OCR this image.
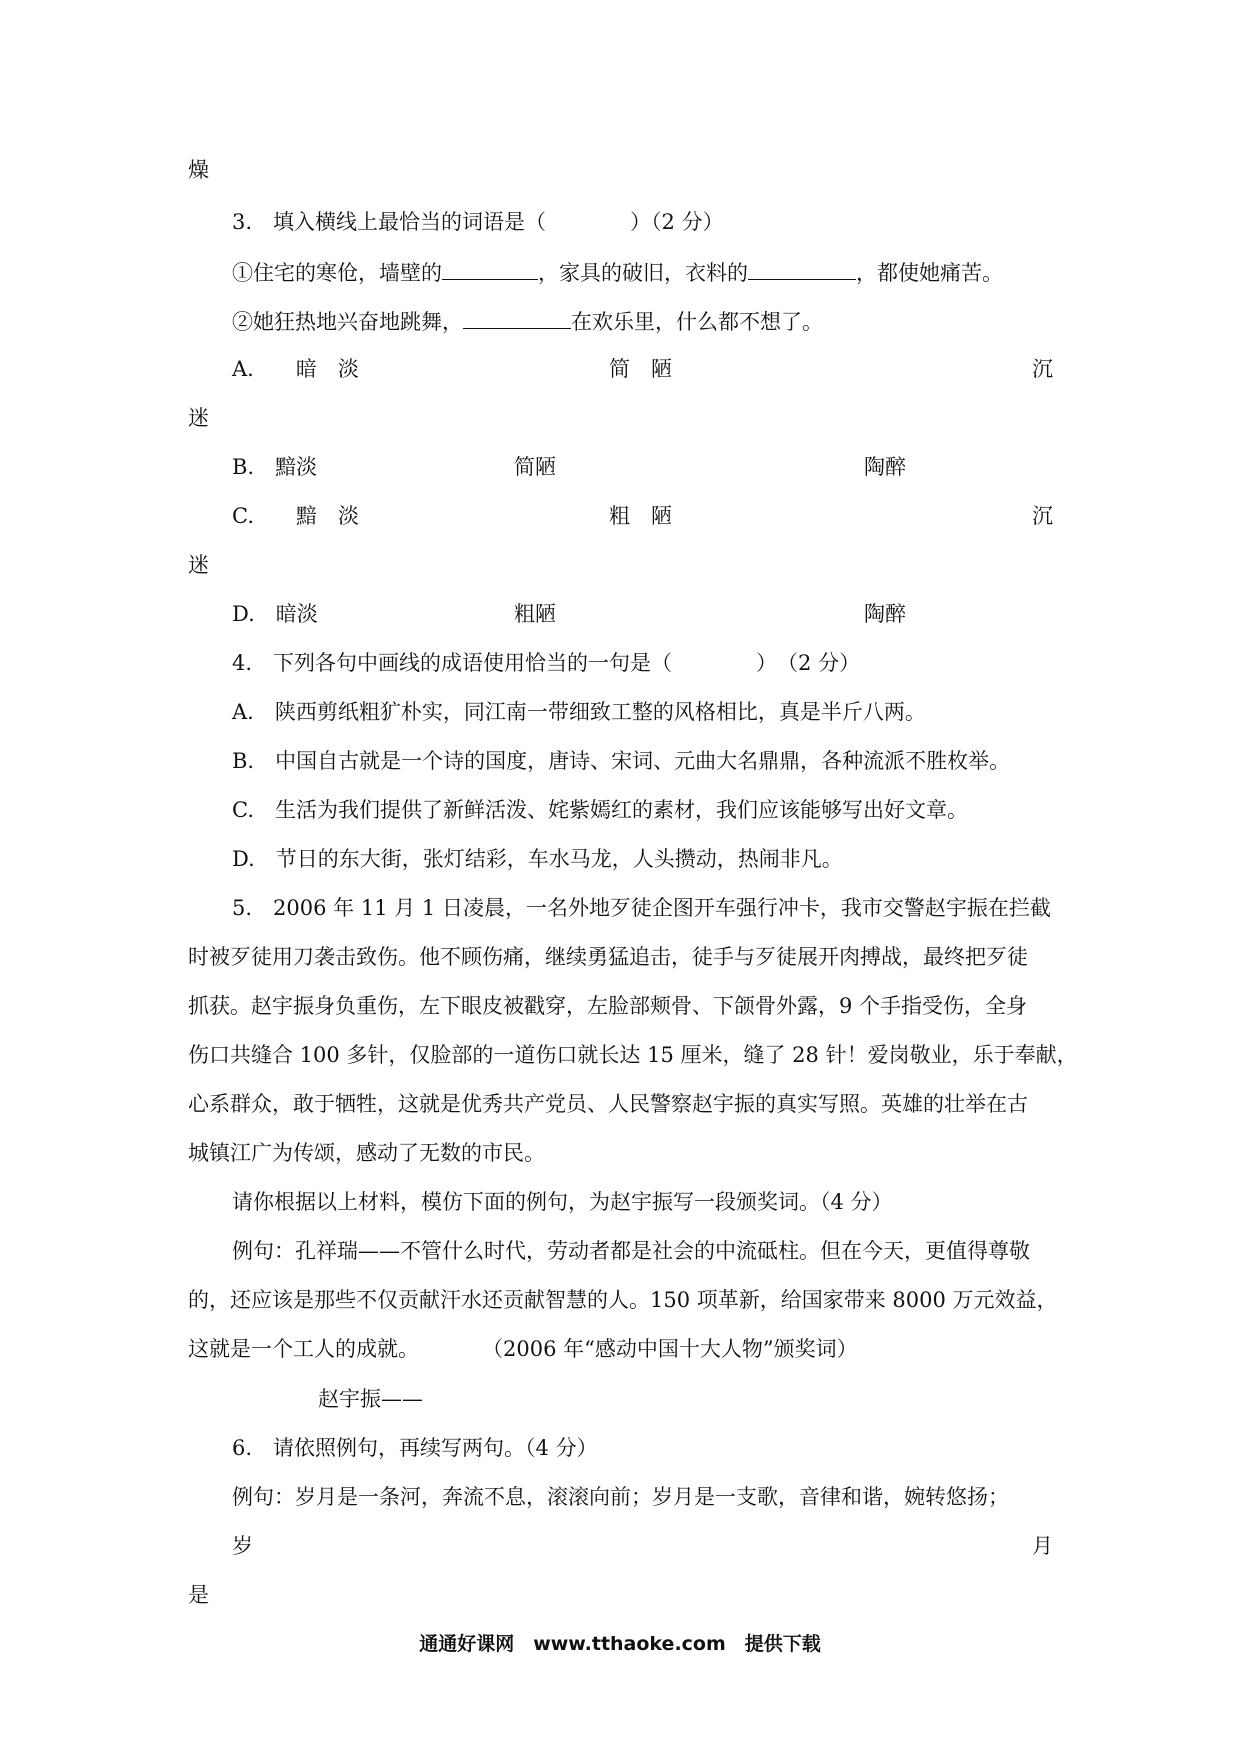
燥
3.　填入横线上最恰当的词语是（　　　　）（2 分）
①住宅的寒伧，墙壁的	，家具的破旧，衣料的	，都使她痛苦。
②她狂热地兴奋地跳舞，	在欢乐里，什么都不想了。
A.　　暗　淡	简　陋	沉
迷
B.　黯淡	简陋	陶醉
C.　　黯　淡	粗　陋	沉
迷
D.　暗淡	粗陋	陶醉
4.　下列各句中画线的成语使用恰当的一句是（　　　　）　（2 分）
A.　陕西剪纸粗犷朴实，同江南一带细致工整的风格相比，真是半斤八两。
B.　中国自古就是一个诗的国度，唐诗、宋词、元曲大名鼎鼎，各种流派不胜枚举。
C.　生活为我们提供了新鲜活泼、姹紫嫣红的素材，我们应该能够写出好文章。
D.　节日的东大街，张灯结彩，车水马龙，人头攒动，热闹非凡。
5.　2006 年 11 月 1 日凌晨，一名外地歹徒企图开车强行冲卡，我市交警赵宇振在拦截
时被歹徒用刀袭击致伤。他不顾伤痛，继续勇猛追击，徒手与歹徒展开肉搏战，最终把歹徒
抓获。赵宇振身负重伤，左下眼皮被戳穿，左脸部颊骨、下颌骨外露，9 个手指受伤，全身
伤口共缝合 100 多针，仅脸部的一道伤口就长达 15 厘米，缝了 28 针！爱岗敬业，乐于奉献，
心系群众，敢于牺牲，这就是优秀共产党员、人民警察赵宇振的真实写照。英雄的壮举在古
城镇江广为传颂，感动了无数的市民。
请你根据以上材料，模仿下面的例句，为赵宇振写一段颁奖词。（4 分）
例句：孔祥瑞——不管什么时代，劳动者都是社会的中流砥柱。但在今天，更值得尊敬
的，还应该是那些不仅贡献汗水还贡献智慧的人。150 项革新，给国家带来 8000 万元效益，
这就是一个工人的成就。　　　　（2006 年“感动中国十大人物”颁奖词）
赵宇振——
6.　请依照例句，再续写两句。（4 分）
例句：岁月是一条河，奔流不息，滚滚向前；岁月是一支歌，音律和谐，婉转悠扬；
岁	月
是
通通好课网　www.tthaoke.com　提供下载
